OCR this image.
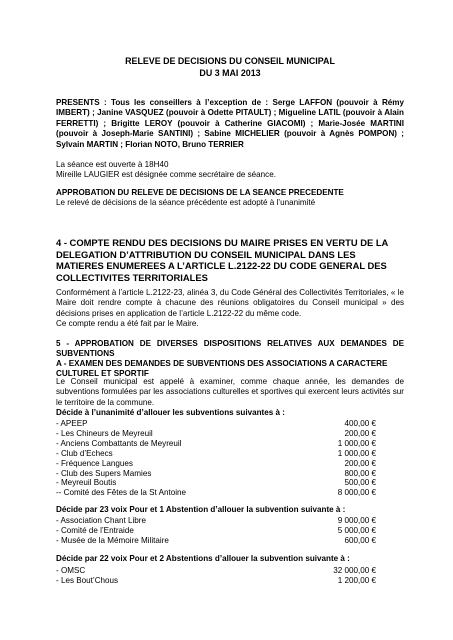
RELEVE DE DECISIONS DU CONSEIL MUNICIPAL

DU 3 MAI 2013

PRESENTS : Tous les conseillers à l’exception de : Serge LAFFON (pouvoir à Rémy IMBERT) ; Janine VASQUEZ (pouvoir à Odette PITAULT) ; Migueline LATIL (pouvoir à Alain FERRETTI) ; Brigitte LEROY (pouvoir à Catherine GIACOMI) ; Marie-Josée MARTINI (pouvoir à Joseph-Marie SANTINI) ; Sabine MICHELIER (pouvoir à Agnès POMPON) ; Sylvain MARTIN ; Florian NOTO, Bruno TERRIER

La séance est ouverte à 18H40

Mireille LAUGIER est désignée comme secrétaire de séance.

APPROBATION DU RELEVE DE DECISIONS DE LA SEANCE PRECEDENTE

Le relevé de décisions de la séance précédente est adopté à l’unanimité

4 - COMPTE RENDU DES DECISIONS DU MAIRE PRISES EN VERTU DE LA DELEGATION D’ATTRIBUTION DU CONSEIL MUNICIPAL DANS LES MATIERES ENUMEREES A L’ARTICLE L.2122-22 DU CODE GENERAL DES COLLECTIVITES TERRITORIALES

Conformément à l’article L.2122-23, alinéa 3, du Code Général des Collectivités Territoriales, « le Maire doit rendre compte à chacune des réunions obligatoires du Conseil municipal » des décisions prises en application de l’article L.2122-22 du même code.

Ce compte rendu a été fait par le Maire.

5 - APPROBATION DE DIVERSES DISPOSITIONS RELATIVES AUX DEMANDES DE SUBVENTIONS

A - EXAMEN DES DEMANDES DE SUBVENTIONS DES ASSOCIATIONS A CARACTERE CULTUREL ET SPORTIF

Le Conseil municipal est appelé à examiner, comme chaque année, les demandes de subventions formulées par les associations culturelles et sportives qui exercent leurs activités sur le territoire de la commune.

Décide à l’unanimité d’allouer les subventions suivantes à :

- APEEP	400,00 €
- Les Chineurs de Meyreuil	200,00 €
- Anciens Combattants de Meyreuil	1 000,00 €
- Club d’Echecs	1 000,00 €
- Fréquence Langues	200,00 €
- Club des Supers Mamies	800,00 €
- Meyreuil Boutis	500,00 €
-- Comité des Fêtes de la St Antoine	8 000,00 €

Décide par 23 voix Pour et 1 Abstention d’allouer la subvention suivante à :

- Association Chant Libre	9 000,00 €
- Comité de l’Entraide	5 000,00 €
- Musée de la Mémoire Militaire	600,00 €

Décide par 22 voix Pour et 2 Abstentions d’allouer la subvention suivante à :

- OMSC	32 000,00 €
- Les Bout’Chous	1 200,00 €
